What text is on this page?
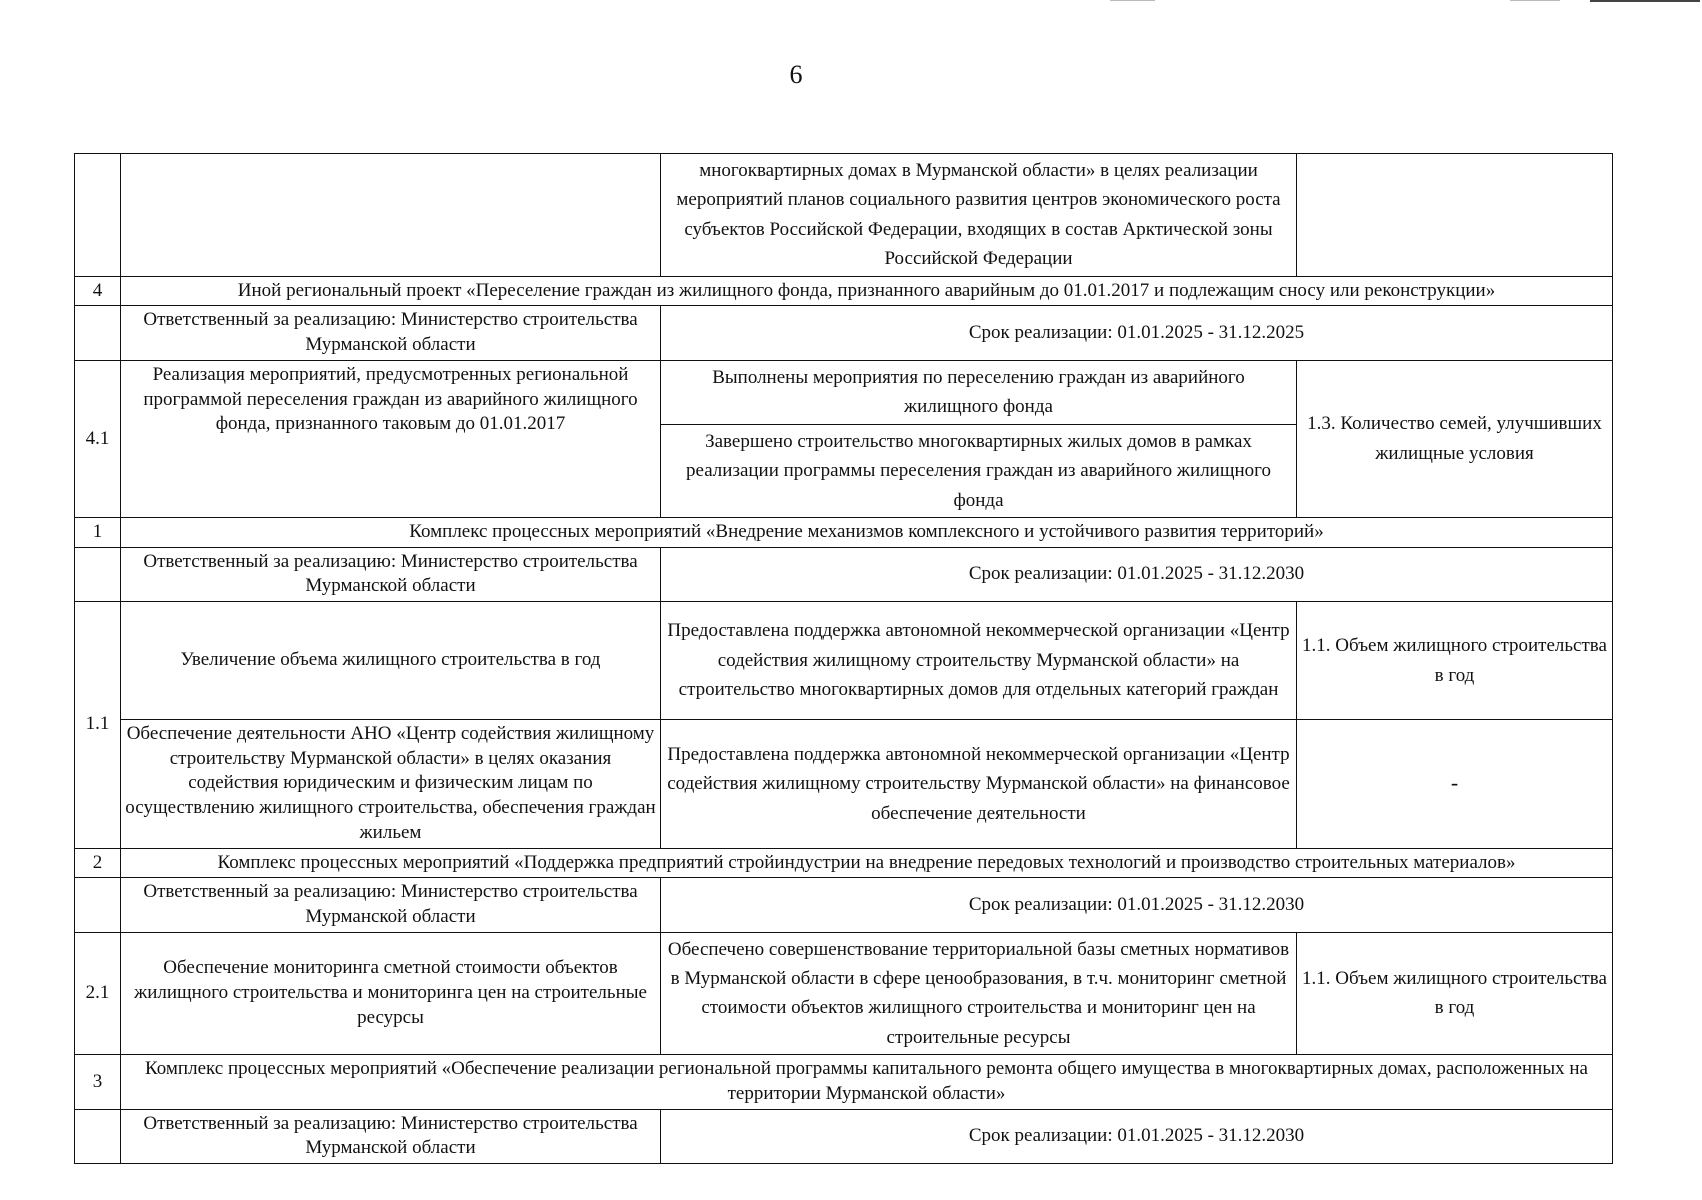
6
		многоквартирных домах в Мурманской области» в целях реализации мероприятий планов социального развития центров экономического роста субъектов Российской Федерации, входящих в состав Арктической зоны Российской Федерации	
4	Иной региональный проект «Переселение граждан из жилищного фонда, признанного аварийным до 01.01.2017 и подлежащим сносу или реконструкции»		
	Ответственный за реализацию: Министерство строительства Мурманской области	Срок реализации: 01.01.2025 - 31.12.2025	
4.1	Реализация мероприятий, предусмотренных региональной программой переселения граждан из аварийного жилищного фонда, признанного таковым до 01.01.2017	Выполнены мероприятия по переселению граждан из аварийного жилищного фонда	1.3. Количество семей, улучшивших жилищные условия
		Завершено строительство многоквартирных жилых домов в рамках реализации программы переселения граждан из аварийного жилищного фонда	
1	Комплекс процессных мероприятий «Внедрение механизмов комплексного и устойчивого развития территорий»		
	Ответственный за реализацию: Министерство строительства Мурманской области	Срок реализации: 01.01.2025 - 31.12.2030	
1.1	Увеличение объема жилищного строительства в год	Предоставлена поддержка автономной некоммерческой организации «Центр содействия жилищному строительству Мурманской области» на строительство многоквартирных домов для отдельных категорий граждан	1.1. Объем жилищного строительства в год
	Обеспечение деятельности АНО «Центр содействия жилищному строительству Мурманской области» в целях оказания содействия юридическим и физическим лицам по осуществлению жилищного строительства, обеспечения граждан жильем	Предоставлена поддержка автономной некоммерческой организации «Центр содействия жилищному строительству Мурманской области» на финансовое обеспечение деятельности	-
2	Комплекс процессных мероприятий «Поддержка предприятий стройиндустрии на внедрение передовых технологий и производство строительных материалов»		
	Ответственный за реализацию: Министерство строительства Мурманской области	Срок реализации: 01.01.2025 - 31.12.2030	
2.1	Обеспечение мониторинга сметной стоимости объектов жилищного строительства и мониторинга цен на строительные ресурсы	Обеспечено совершенствование территориальной базы сметных нормативов в Мурманской области в сфере ценообразования, в т.ч. мониторинг сметной стоимости объектов жилищного строительства и мониторинг цен на строительные ресурсы	1.1. Объем жилищного строительства в год
3	Комплекс процессных мероприятий «Обеспечение реализации региональной программы капитального ремонта общего имущества в многоквартирных домах, расположенных на территории Мурманской области»		
	Ответственный за реализацию: Министерство строительства Мурманской области	Срок реализации: 01.01.2025 - 31.12.2030	
